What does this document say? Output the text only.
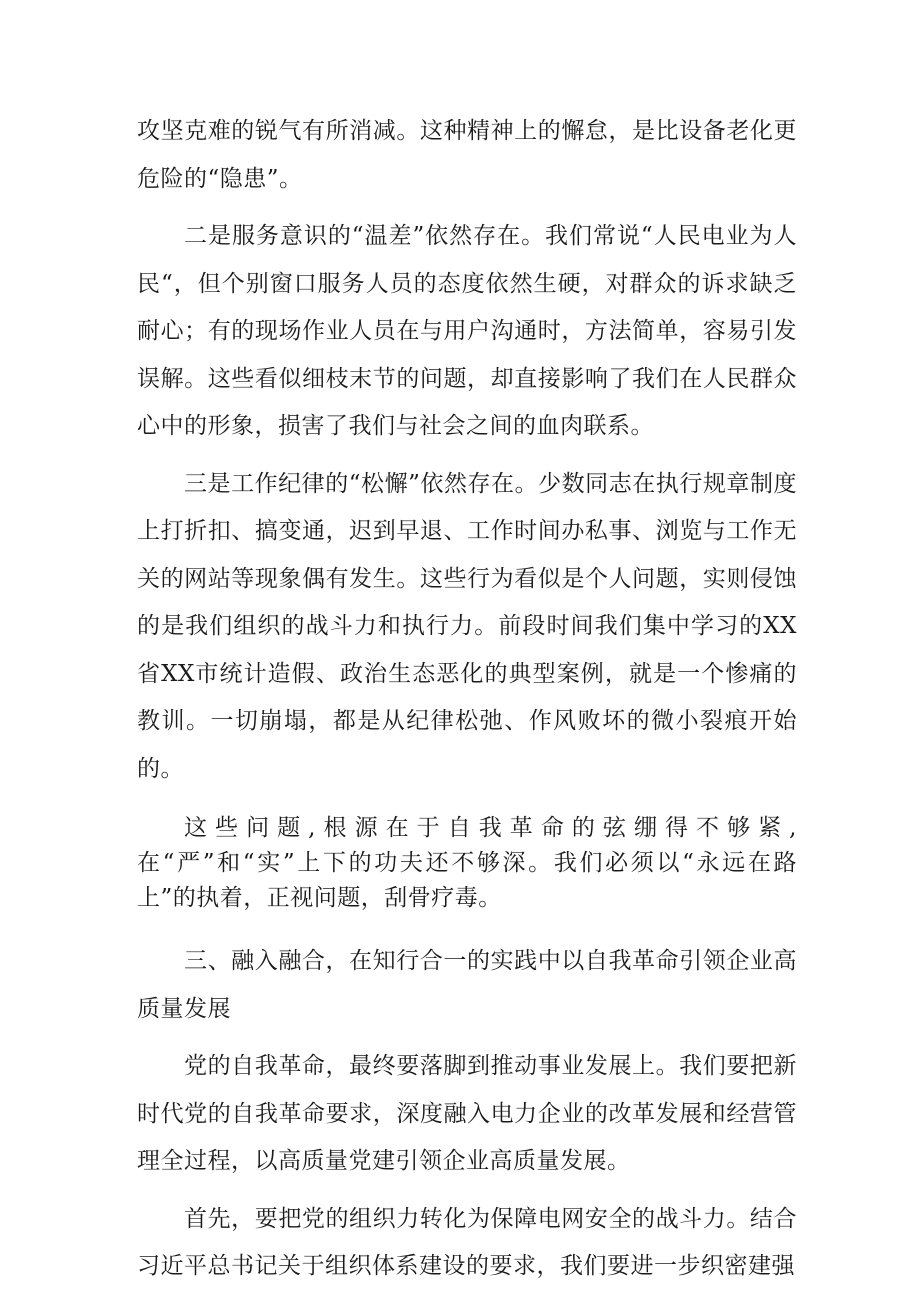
攻坚克难的锐气有所消减。这种精神上的懈怠，是比设备老化更危险的“隐患”。

二是服务意识的“温差”依然存在。我们常说“人民电业为人民“，但个别窗口服务人员的态度依然生硬，对群众的诉求缺乏耐心；有的现场作业人员在与用户沟通时，方法简单，容易引发误解。这些看似细枝末节的问题，却直接影响了我们在人民群众心中的形象，损害了我们与社会之间的血肉联系。

三是工作纪律的“松懈”依然存在。少数同志在执行规章制度上打折扣、搞变通，迟到早退、工作时间办私事、浏览与工作无关的网站等现象偶有发生。这些行为看似是个人问题，实则侵蚀的是我们组织的战斗力和执行力。前段时间我们集中学习的XX省XX市统计造假、政治生态恶化的典型案例，就是一个惨痛的教训。一切崩塌，都是从纪律松弛、作风败坏的微小裂痕开始的。

这些问题,根源在于自我革命的弦绷得不够紧,在“严”和“实”上下的功夫还不够深。我们必须以“永远在路上”的执着，正视问题，刮骨疗毒。

三、融入融合，在知行合一的实践中以自我革命引领企业高质量发展

党的自我革命，最终要落脚到推动事业发展上。我们要把新时代党的自我革命要求，深度融入电力企业的改革发展和经营管理全过程，以高质量党建引领企业高质量发展。

首先，要把党的组织力转化为保障电网安全的战斗力。结合习近平总书记关于组织体系建设的要求，我们要进一步织密建强
